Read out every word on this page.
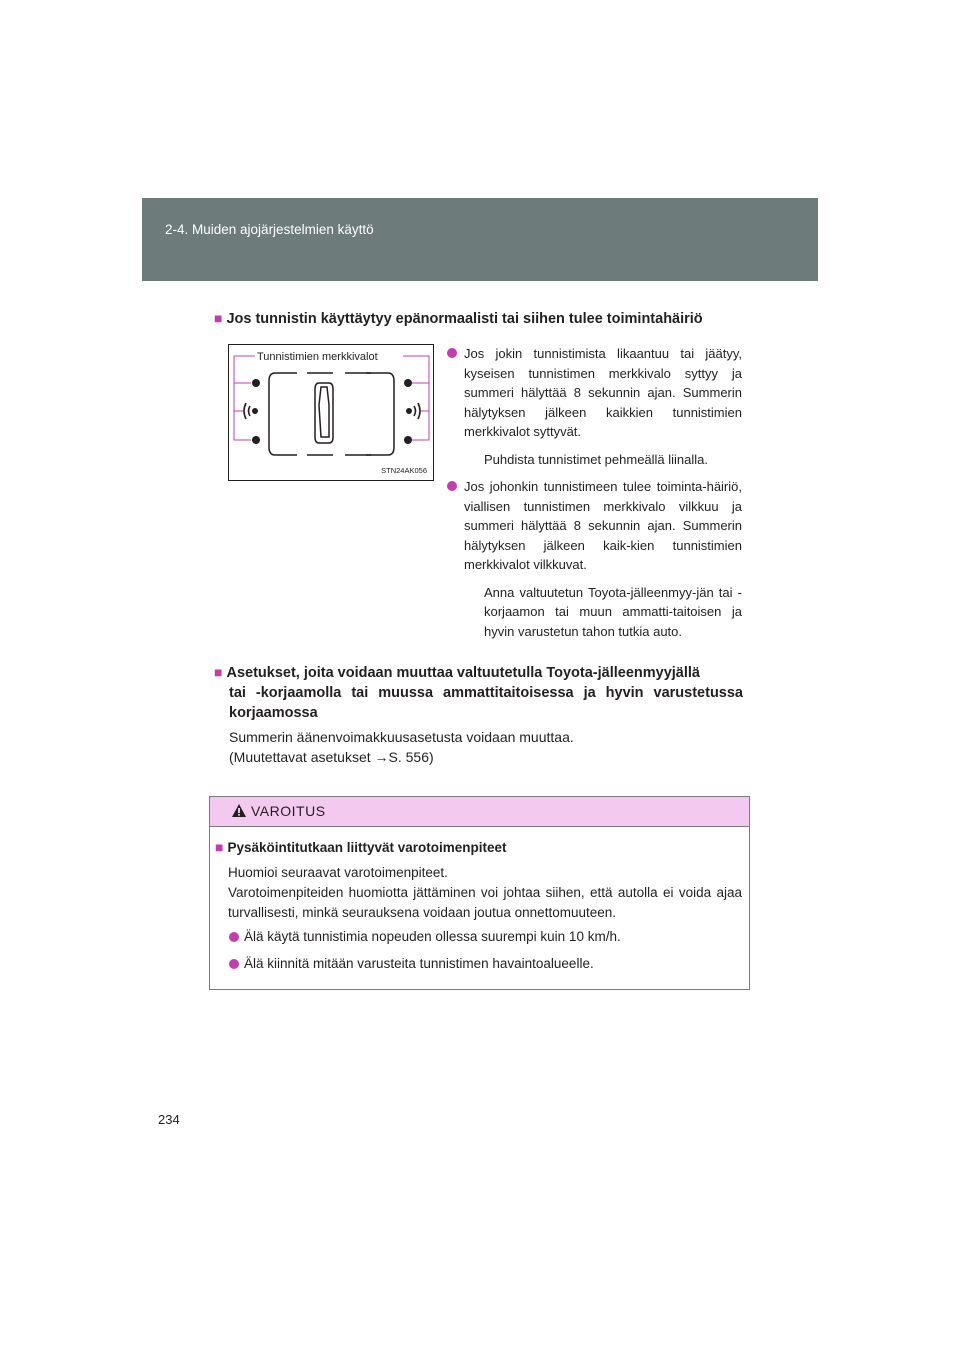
2-4. Muiden ajojärjestelmien käyttö
■ Jos tunnistin käyttäytyy epänormaalisti tai siihen tulee toimintahäiriö
Tunnistimien merkkivalot
STN24AK056
Jos jokin tunnistimista likaantuu tai jäätyy, kyseisen tunnistimen merkkivalo syttyy ja summeri hälyttää 8 sekunnin ajan. Summerin hälytyksen jälkeen kaikkien tunnistimien merkkivalot syttyvät.
Puhdista tunnistimet pehmeällä liinalla.
Jos johonkin tunnistimeen tulee toiminta-häiriö, viallisen tunnistimen merkkivalo vilkkuu ja summeri hälyttää 8 sekunnin ajan. Summerin hälytyksen jälkeen kaik-kien tunnistimien merkkivalot vilkkuvat.
Anna valtuutetun Toyota-jälleenmyy-jän tai -korjaamon tai muun ammatti-taitoisen ja hyvin varustetun tahon tutkia auto.
■ Asetukset, joita voidaan muuttaa valtuutetulla Toyota-jälleenmyyjällä
tai -korjaamolla tai muussa ammattitaitoisessa ja hyvin varustetussa korjaamossa
Summerin äänenvoimakkuusasetusta voidaan muuttaa.
(Muutettavat asetukset →S. 556)
VAROITUS
■ Pysäköintitutkaan liittyvät varotoimenpiteet
Huomioi seuraavat varotoimenpiteet.
Varotoimenpiteiden huomiotta jättäminen voi johtaa siihen, että autolla ei voida ajaa turvallisesti, minkä seurauksena voidaan joutua onnettomuuteen.
Älä käytä tunnistimia nopeuden ollessa suurempi kuin 10 km/h.
Älä kiinnitä mitään varusteita tunnistimen havaintoalueelle.
234
